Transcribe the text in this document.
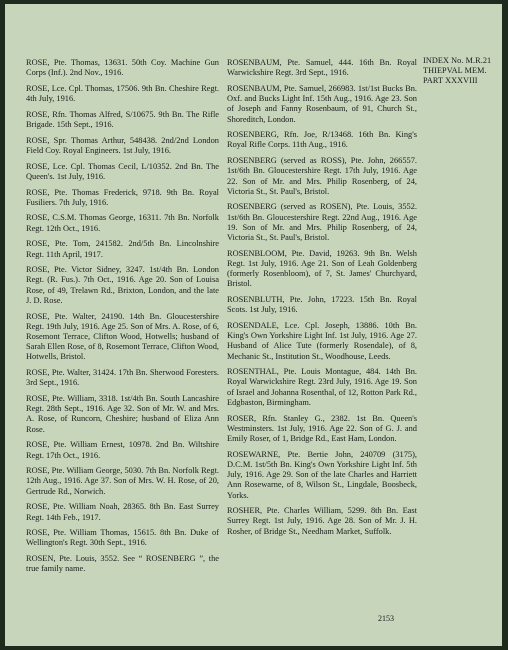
INDEX No. M.R.21
THIEPVAL MEM.
PART XXXVIII

ROSE, Pte. Thomas, 13631. 50th Coy. Machine Gun Corps (Inf.). 2nd Nov., 1916.

ROSE, Lce. Cpl. Thomas, 17506. 9th Bn. Cheshire Regt. 4th July, 1916.

ROSE, Rfn. Thomas Alfred, S/10675. 9th Bn. The Rifle Brigade. 15th Sept., 1916.

ROSE, Spr. Thomas Arthur, 548438. 2nd/2nd London Field Coy. Royal Engineers. 1st July, 1916.

ROSE, Lce. Cpl. Thomas Cecil, L/10352. 2nd Bn. The Queen's. 1st July, 1916.

ROSE, Pte. Thomas Frederick, 9718. 9th Bn. Royal Fusiliers. 7th July, 1916.

ROSE, C.S.M. Thomas George, 16311. 7th Bn. Norfolk Regt. 12th Oct., 1916.

ROSE, Pte. Tom, 241582. 2nd/5th Bn. Lincolnshire Regt. 11th April, 1917.

ROSE, Pte. Victor Sidney, 3247. 1st/4th Bn. London Regt. (R. Fus.). 7th Oct., 1916. Age 20. Son of Louisa Rose, of 49, Trelawn Rd., Brixton, London, and the late J. D. Rose.

ROSE, Pte. Walter, 24190. 14th Bn. Gloucestershire Regt. 19th July, 1916. Age 25. Son of Mrs. A. Rose, of 6, Rosemont Terrace, Clifton Wood, Hotwells; husband of Sarah Ellen Rose, of 8, Rosemont Terrace, Clifton Wood, Hotwells, Bristol.

ROSE, Pte. Walter, 31424. 17th Bn. Sherwood Foresters. 3rd Sept., 1916.

ROSE, Pte. William, 3318. 1st/4th Bn. South Lancashire Regt. 28th Sept., 1916. Age 32. Son of Mr. W. and Mrs. A. Rose, of Runcorn, Cheshire; husband of Eliza Ann Rose.

ROSE, Pte. William Ernest, 10978. 2nd Bn. Wiltshire Regt. 17th Oct., 1916.

ROSE, Pte. William George, 5030. 7th Bn. Norfolk Regt. 12th Aug., 1916. Age 37. Son of Mrs. W. H. Rose, of 20, Gertrude Rd., Norwich.

ROSE, Pte. William Noah, 28365. 8th Bn. East Surrey Regt. 14th Feb., 1917.

ROSE, Pte. William Thomas, 15615. 8th Bn. Duke of Wellington's Regt. 30th Sept., 1916.

ROSEN, Pte. Louis, 3552. See “ ROSENBERG ”, the true family name.

ROSENBAUM, Pte. Samuel, 444. 16th Bn. Royal Warwickshire Regt. 3rd Sept., 1916.

ROSENBAUM, Pte. Samuel, 266983. 1st/1st Bucks Bn. Oxf. and Bucks Light Inf. 15th Aug., 1916. Age 23. Son of Joseph and Fanny Rosenbaum, of 91, Church St., Shoreditch, London.

ROSENBERG, Rfn. Joe, R/13468. 16th Bn. King's Royal Rifle Corps. 11th Aug., 1916.

ROSENBERG (served as ROSS), Pte. John, 266557. 1st/6th Bn. Gloucestershire Regt. 17th July, 1916. Age 22. Son of Mr. and Mrs. Philip Rosenberg, of 24, Victoria St., St. Paul's, Bristol.

ROSENBERG (served as ROSEN), Pte. Louis, 3552. 1st/6th Bn. Gloucestershire Regt. 22nd Aug., 1916. Age 19. Son of Mr. and Mrs. Philip Rosenberg, of 24, Victoria St., St. Paul's, Bristol.

ROSENBLOOM, Pte. David, 19263. 9th Bn. Welsh Regt. 1st July, 1916. Age 21. Son of Leah Goldenberg (formerly Rosenbloom), of 7, St. James' Churchyard, Bristol.

ROSENBLUTH, Pte. John, 17223. 15th Bn. Royal Scots. 1st July, 1916.

ROSENDALE, Lce. Cpl. Joseph, 13886. 10th Bn. King's Own Yorkshire Light Inf. 1st July, 1916. Age 27. Husband of Alice Tute (formerly Rosendale), of 8, Mechanic St., Institution St., Woodhouse, Leeds.

ROSENTHAL, Pte. Louis Montague, 484. 14th Bn. Royal Warwickshire Regt. 23rd July, 1916. Age 19. Son of Israel and Johanna Rosenthal, of 12, Rotton Park Rd., Edgbaston, Birmingham.

ROSER, Rfn. Stanley G., 2382. 1st Bn. Queen's Westminsters. 1st July, 1916. Age 22. Son of G. J. and Emily Roser, of 1, Bridge Rd., East Ham, London.

ROSEWARNE, Pte. Bertie John, 240709 (3175), D.C.M. 1st/5th Bn. King's Own Yorkshire Light Inf. 5th July, 1916. Age 29. Son of the late Charles and Harriett Ann Rosewarne, of 8, Wilson St., Lingdale, Boosbeck, Yorks.

ROSHER, Pte. Charles William, 5299. 8th Bn. East Surrey Regt. 1st July, 1916. Age 28. Son of Mr. J. H. Rosher, of Bridge St., Needham Market, Suffolk.

2153
